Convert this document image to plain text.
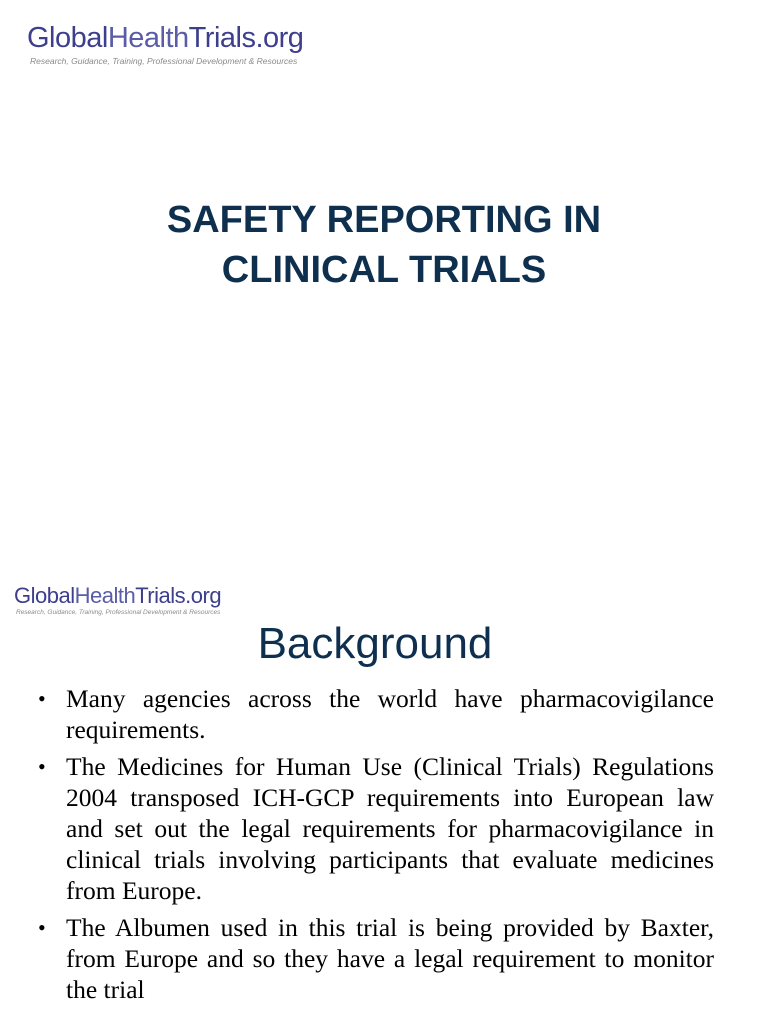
GlobalHealthTrials.org
Research, Guidance, Training, Professional Development & Resources
SAFETY REPORTING IN
CLINICAL TRIALS
GlobalHealthTrials.org
Research, Guidance, Training, Professional Development & Resources
Background
• Many agencies across the world have pharmacovigilance requirements.
• The Medicines for Human Use (Clinical Trials) Regulations 2004 transposed ICH-GCP requirements into European law and set out the legal requirements for pharmacovigilance in clinical trials involving participants that evaluate medicines from Europe.
• The Albumen used in this trial is being provided by Baxter, from Europe and so they have a legal requirement to monitor the trial
